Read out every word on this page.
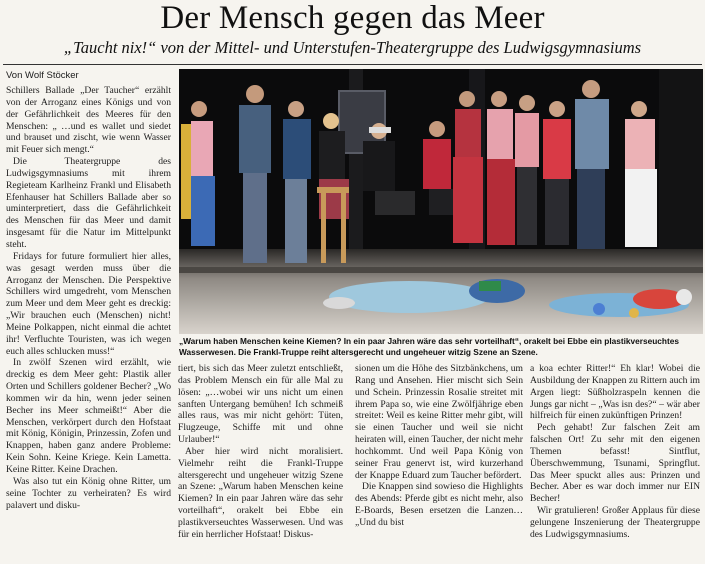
Der Mensch gegen das Meer
„Taucht nix!“ von der Mittel- und Unterstufen-Theatergruppe des Ludwigsgymnasiums
Von Wolf Stöcker

Schillers Ballade „Der Taucher“ erzählt von der Arroganz eines Königs und von der Gefährlichkeit des Meeres für den Menschen: „ …und es wallet und siedet und brauset und zischt, wie wenn Wasser mit Feuer sich mengt.“

Die Theatergruppe des Ludwigsgymnasiums mit ihrem Regieteam Karlheinz Frankl und Elisabeth Efenhauser hat Schillers Ballade aber so uminterpretiert, dass die Gefährlichkeit des Menschen für das Meer und damit insgesamt für die Natur im Mittelpunkt steht.

Fridays for future formuliert hier alles, was gesagt werden muss über die Arroganz der Menschen. Die Perspektive Schillers wird umgedreht, vom Menschen zum Meer und dem Meer geht es dreckig: „Wir brauchen euch (Menschen) nicht! Meine Polkappen, nicht einmal die achtet ihr! Verfluchte Touristen, was ich wegen euch alles schlucken muss!“

In zwölf Szenen wird erzählt, wie dreckig es dem Meer geht: Plastik aller Orten und Schillers goldener Becher? „Wo kommen wir da hin, wenn jeder seinen Becher ins Meer schmeißt!“ Aber die Menschen, verkörpert durch den Hofstaat mit König, Königin, Prinzessin, Zofen und Knappen, haben ganz andere Probleme: Kein Sohn. Keine Kriege. Kein Lametta. Keine Ritter. Keine Drachen.

Was also tut ein König ohne Ritter, um seine Tochter zu verheiraten? Es wird palavert und disku-

„Warum haben Menschen keine Kiemen? In ein paar Jahren wäre das sehr vorteilhaft“, orakelt bei Ebbe ein plastikverseuchtes Wasserwesen. Die Frankl-Truppe reiht altersgerecht und ungeheuer witzig Szene an Szene.

tiert, bis sich das Meer zuletzt entschließt, das Problem Mensch ein für alle Mal zu lösen: „…wobei wir uns nicht um einen sanften Untergang bemühen! Ich schmeiß alles raus, was mir nicht gehört: Tüten, Flugzeuge, Schiffe mit und ohne Urlauber!“

Aber hier wird nicht moralisiert. Vielmehr reiht die Frankl-Truppe altersgerecht und ungeheuer witzig Szene an Szene: „Warum haben Menschen keine Kiemen? In ein paar Jahren wäre das sehr vorteilhaft“, orakelt bei Ebbe ein plastikverseuchtes Wasserwesen. Und was für ein herrlicher Hofstaat! Diskus-

sionen um die Höhe des Sitzbänkchens, um Rang und Ansehen. Hier mischt sich Sein und Schein. Prinzessin Rosalie streitet mit ihrem Papa so, wie eine Zwölfjährige eben streitet: Weil es keine Ritter mehr gibt, will sie einen Taucher und weil sie nicht heiraten will, einen Taucher, der nicht mehr hochkommt. Und weil Papa König von seiner Frau genervt ist, wird kurzerhand der Knappe Eduard zum Taucher befördert.

Die Knappen sind sowieso die Highlights des Abends: Pferde gibt es nicht mehr, also E-Boards, Besen ersetzen die Lanzen… „Und du bist

a koa echter Ritter!“ Eh klar! Wobei die Ausbildung der Knappen zu Rittern auch im Argen liegt: Süßholzraspeln kennen die Jungs gar nicht – „Was isn des?“ – wär aber hilfreich für einen zukünftigen Prinzen!

Pech gehabt! Zur falschen Zeit am falschen Ort! Zu sehr mit den eigenen Themen befasst! Sintflut, Überschwemmung, Tsunami, Springflut. Das Meer spuckt alles aus: Prinzen und Becher. Aber es war doch immer nur EIN Becher!

Wir gratulieren! Großer Applaus für diese gelungene Inszenierung der Theatergruppe des Ludwigsgymnasiums.
